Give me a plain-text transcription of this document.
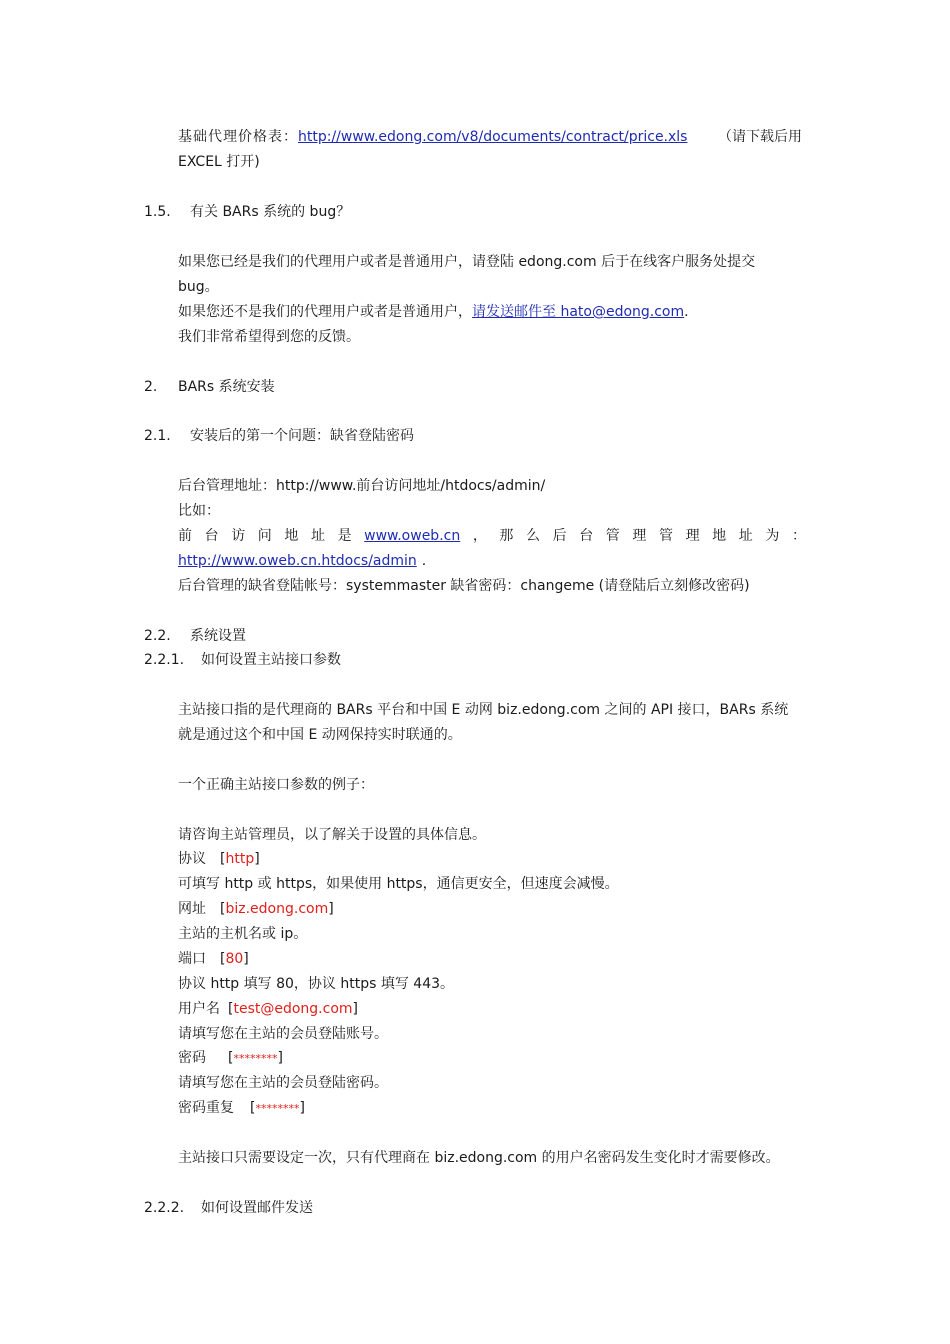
基础代理价格表：http://www.edong.com/v8/documents/contract/price.xls （请下载后用
EXCEL 打开)
1.5. 有关 BARs 系统的 bug？
如果您已经是我们的代理用户或者是普通用户，请登陆 edong.com 后于在线客户服务处提交
bug。
如果您还不是我们的代理用户或者是普通用户，请发送邮件至 hato@edong.com.
我们非常希望得到您的反馈。
2. BARs 系统安装
2.1. 安装后的第一个问题：缺省登陆密码
后台管理地址：http://www.前台访问地址/htdocs/admin/
比如：
前 台 访 问 地 址 是 www.oweb.cn ， 那 么 后 台 管 理 管 理 地 址 为 ：
http://www.oweb.cn.htdocs/admin .
后台管理的缺省登陆帐号：systemmaster 缺省密码：changeme (请登陆后立刻修改密码)
2.2. 系统设置
2.2.1. 如何设置主站接口参数
主站接口指的是代理商的 BARs 平台和中国 E 动网 biz.edong.com 之间的 API 接口，BARs 系统
就是通过这个和中国 E 动网保持实时联通的。
一个正确主站接口参数的例子：
请咨询主站管理员，以了解关于设置的具体信息。
协议 [http]
可填写 http 或 https，如果使用 https，通信更安全，但速度会减慢。
网址 [biz.edong.com]
主站的主机名或 ip。
端口 [80]
协议 http 填写 80，协议 https 填写 443。
用户名 [test@edong.com]
请填写您在主站的会员登陆账号。
密码 [********]
请填写您在主站的会员登陆密码。
密码重复 [********]
主站接口只需要设定一次，只有代理商在 biz.edong.com 的用户名密码发生变化时才需要修改。
2.2.2. 如何设置邮件发送
